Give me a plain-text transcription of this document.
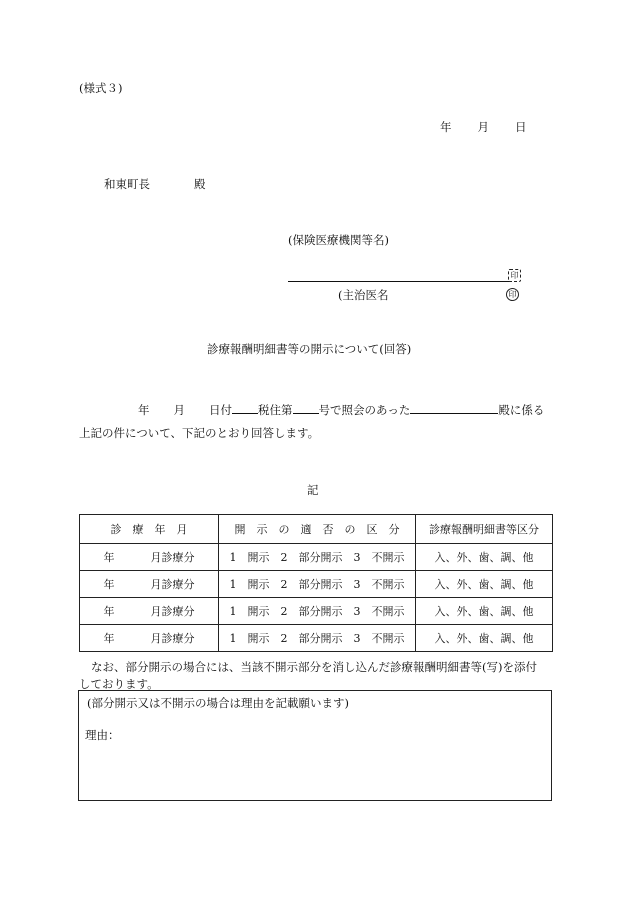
(様式３)
年 月 日
和東町長	殿
(保険医療機関等名)
印
(主治医名	印
診療報酬明細書等の開示について(回答)
年 月 日付 税住第 号で照会のあった	殿に係る
上記の件について、下記のとおり回答します。
記
診　療　年　月	開　示　の　適　否　の　区　分	診療報酬明細書等区分
年 月診療分	1　開示　2　部分開示　3　不開示	入、外、歯、調、他
年 月診療分	1　開示　2　部分開示　3　不開示	入、外、歯、調、他
年 月診療分	1　開示　2　部分開示　3　不開示	入、外、歯、調、他
年 月診療分	1　開示　2　部分開示　3　不開示	入、外、歯、調、他
なお、部分開示の場合には、当該不開示部分を消し込んだ診療報酬明細書等(写)を添付
しております。
(部分開示又は不開示の場合は理由を記載願います)
理由：
